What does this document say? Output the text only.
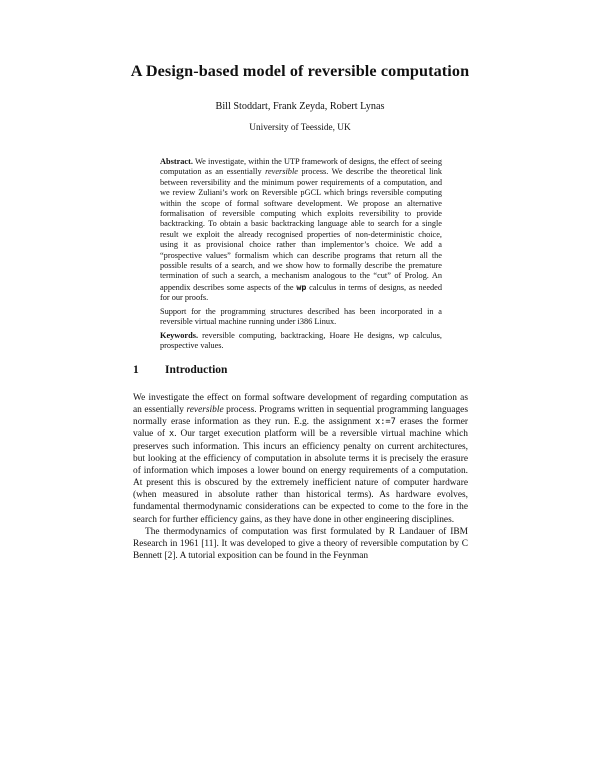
A Design-based model of reversible computation
Bill Stoddart, Frank Zeyda, Robert Lynas
University of Teesside, UK

Abstract. We investigate, within the UTP framework of designs, the effect of seeing computation as an essentially reversible process. We describe the theoretical link between reversibility and the minimum power requirements of a computation, and we review Zuliani’s work on Reversible pGCL which brings reversible computing within the scope of formal software development. We propose an alternative formalisation of reversible computing which exploits reversibility to provide backtracking. To obtain a basic backtracking language able to search for a single result we exploit the already recognised properties of non-deterministic choice, using it as provisional choice rather than implementor’s choice. We add a “prospective values” formalism which can describe programs that return all the possible results of a search, and we show how to formally describe the premature termination of such a search, a mechanism analogous to the “cut” of Prolog. An appendix describes some aspects of the wp calculus in terms of designs, as needed for our proofs.

Support for the programming structures described has been incorporated in a reversible virtual machine running under i386 Linux.

Keywords. reversible computing, backtracking, Hoare He designs, wp calculus, prospective values.

1 Introduction

We investigate the effect on formal software development of regarding computation as an essentially reversible process. Programs written in sequential programming languages normally erase information as they run. E.g. the assignment x:=7 erases the former value of x. Our target execution platform will be a reversible virtual machine which preserves such information. This incurs an efficiency penalty on current architectures, but looking at the efficiency of computation in absolute terms it is precisely the erasure of information which imposes a lower bound on energy requirements of a computation. At present this is obscured by the extremely inefficient nature of computer hardware (when measured in absolute rather than historical terms). As hardware evolves, fundamental thermodynamic considerations can be expected to come to the fore in the search for further efficiency gains, as they have done in other engineering disciplines.

The thermodynamics of computation was first formulated by R Landauer of IBM Research in 1961 [11]. It was developed to give a theory of reversible computation by C Bennett [2]. A tutorial exposition can be found in the Feynman
